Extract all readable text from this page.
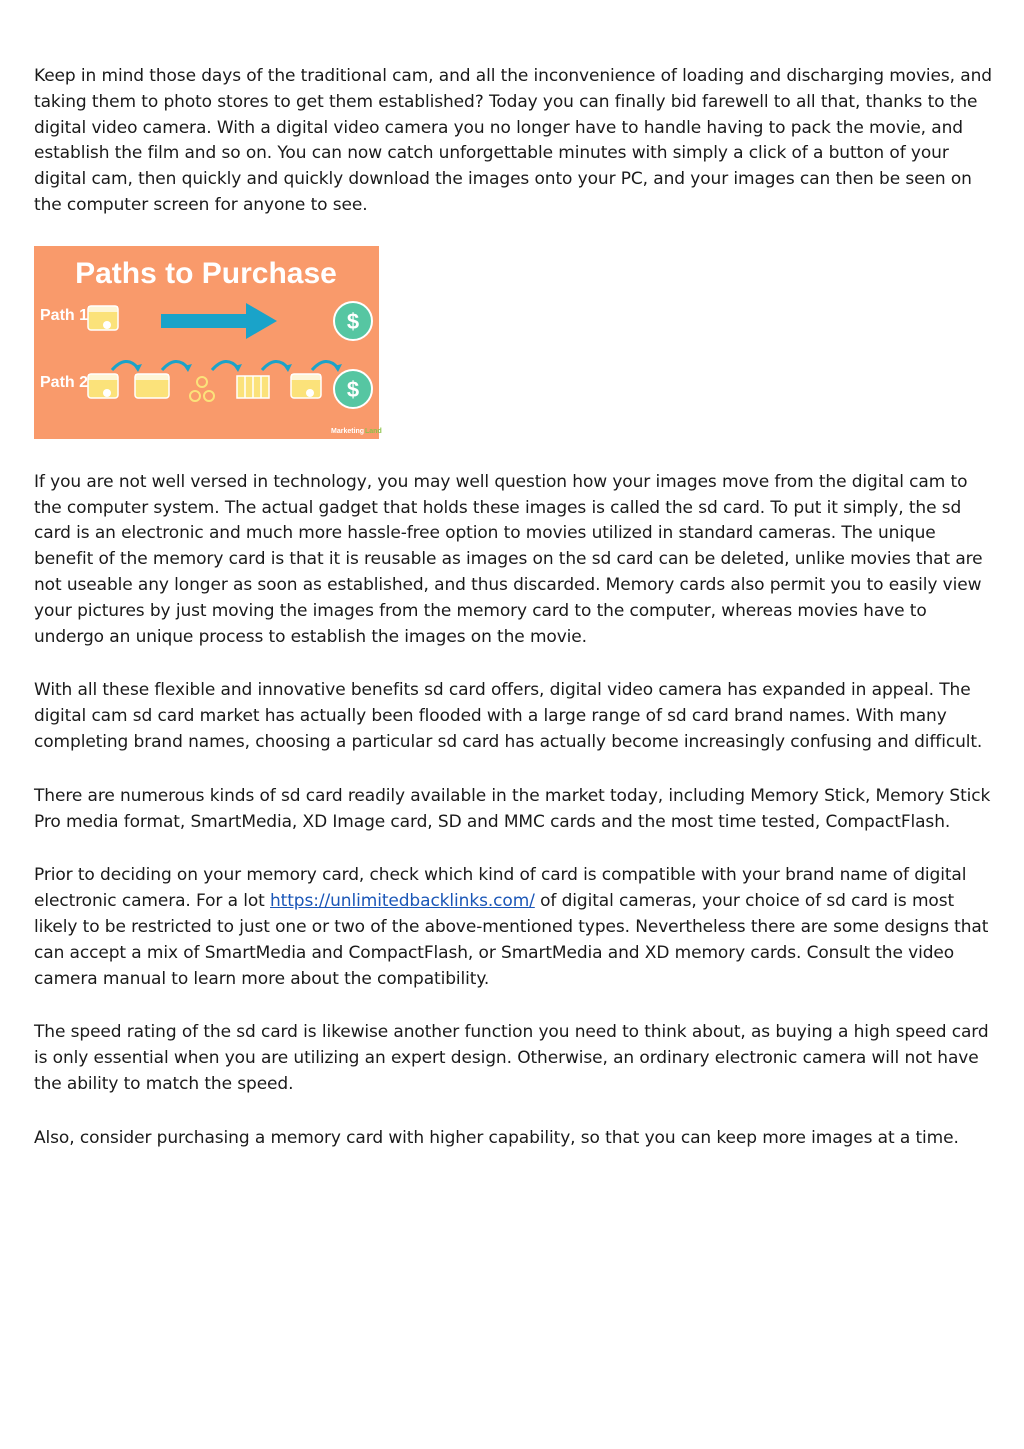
Keep in mind those days of the traditional cam, and all the inconvenience of loading and discharging movies, and taking them to photo stores to get them established? Today you can finally bid farewell to all that, thanks to the digital video camera. With a digital video camera you no longer have to handle having to pack the movie, and establish the film and so on. You can now catch unforgettable minutes with simply a click of a button of your digital cam, then quickly and quickly download the images onto your PC, and your images can then be seen on the computer screen for anyone to see.

Paths to Purchase
Path 1	$
Path 2	$
Marketing Land

If you are not well versed in technology, you may well question how your images move from the digital cam to the computer system. The actual gadget that holds these images is called the sd card. To put it simply, the sd card is an electronic and much more hassle-free option to movies utilized in standard cameras. The unique benefit of the memory card is that it is reusable as images on the sd card can be deleted, unlike movies that are not useable any longer as soon as established, and thus discarded. Memory cards also permit you to easily view your pictures by just moving the images from the memory card to the computer, whereas movies have to undergo an unique process to establish the images on the movie.

With all these flexible and innovative benefits sd card offers, digital video camera has expanded in appeal. The digital cam sd card market has actually been flooded with a large range of sd card brand names. With many completing brand names, choosing a particular sd card has actually become increasingly confusing and difficult.

There are numerous kinds of sd card readily available in the market today, including Memory Stick, Memory Stick Pro media format, SmartMedia, XD Image card, SD and MMC cards and the most time tested, CompactFlash.

Prior to deciding on your memory card, check which kind of card is compatible with your brand name of digital electronic camera. For a lot https://unlimitedbacklinks.com/ of digital cameras, your choice of sd card is most likely to be restricted to just one or two of the above-mentioned types. Nevertheless there are some designs that can accept a mix of SmartMedia and CompactFlash, or SmartMedia and XD memory cards. Consult the video camera manual to learn more about the compatibility.

The speed rating of the sd card is likewise another function you need to think about, as buying a high speed card is only essential when you are utilizing an expert design. Otherwise, an ordinary electronic camera will not have the ability to match the speed.

Also, consider purchasing a memory card with higher capability, so that you can keep more images at a time.
